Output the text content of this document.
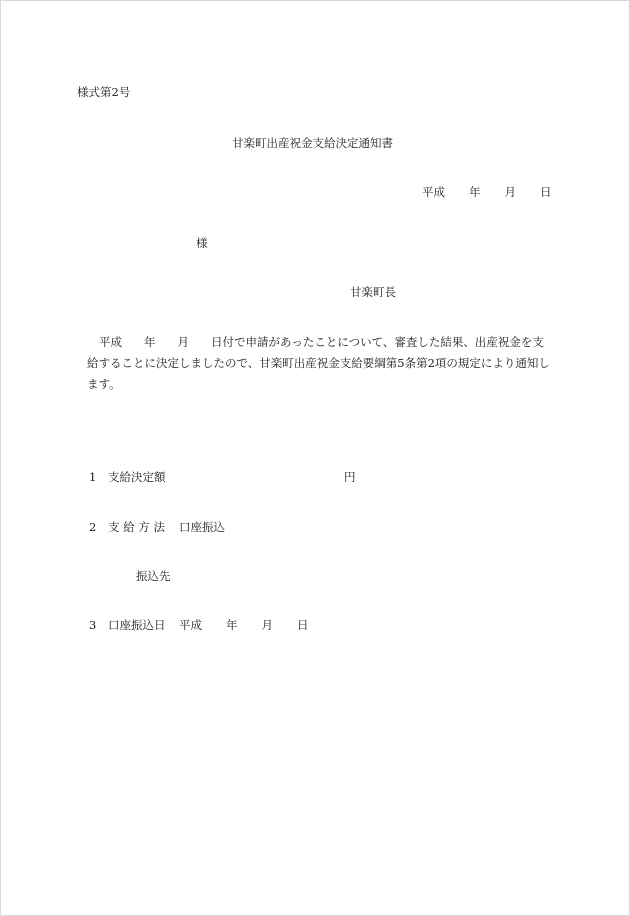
様式第2号
甘楽町出産祝金支給決定通知書
平成 年 月 日
様
甘楽町長
平成 年 月 日付で申請があったことについて、審査した結果、出産祝金を支給することに決定しましたので、甘楽町出産祝金支給要綱第5条第2項の規定により通知します。
1 支給決定額	円
2 支 給 方 法 口座振込
振込先
3 口座振込日 平成 年 月 日
